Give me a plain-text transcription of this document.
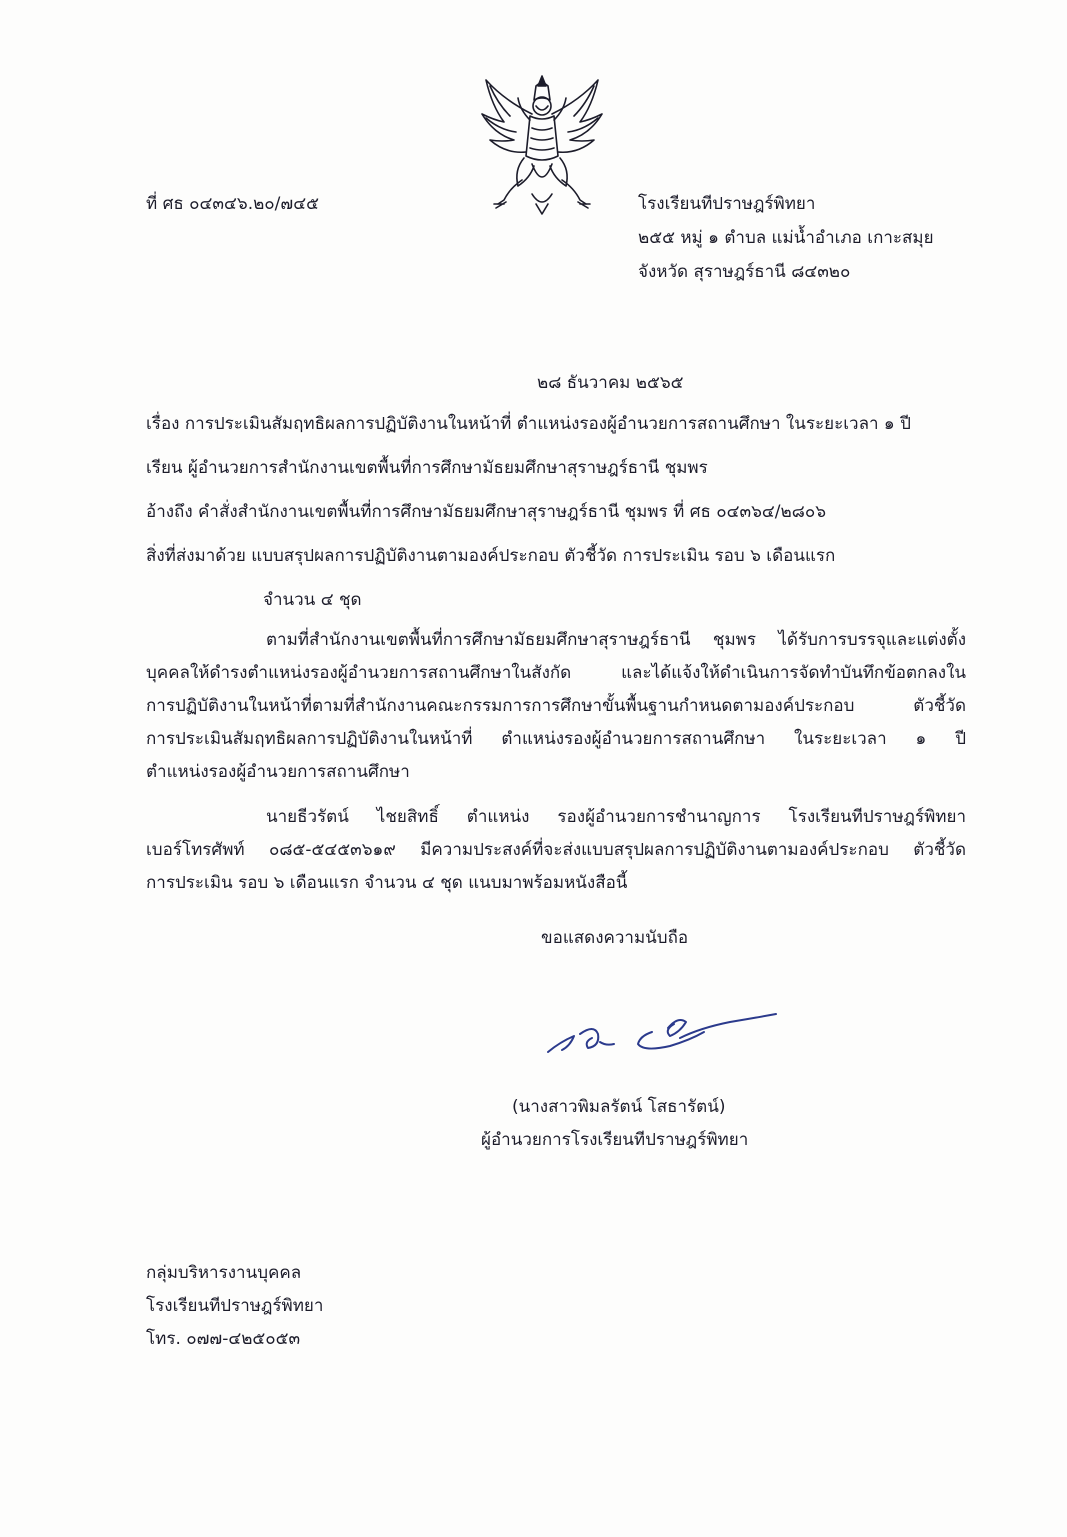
ที่ ศธ ๐๔๓๔๖.๒๐/๗๔๕	โรงเรียนทีปราษฎร์พิทยา
๒๕๕ หมู่ ๑ ตำบล แม่น้ำอำเภอ เกาะสมุย
จังหวัด สุราษฎร์ธานี ๘๔๓๒๐
๒๘ ธันวาคม ๒๕๖๕
เรื่อง การประเมินสัมฤทธิผลการปฏิบัติงานในหน้าที่ ตำแหน่งรองผู้อำนวยการสถานศึกษา ในระยะเวลา ๑ ปี
เรียน ผู้อำนวยการสำนักงานเขตพื้นที่การศึกษามัธยมศึกษาสุราษฎร์ธานี ชุมพร
อ้างถึง คำสั่งสำนักงานเขตพื้นที่การศึกษามัธยมศึกษาสุราษฎร์ธานี ชุมพร ที่ ศธ ๐๔๓๖๔/๒๘๐๖
สิ่งที่ส่งมาด้วย แบบสรุปผลการปฏิบัติงานตามองค์ประกอบ ตัวชี้วัด การประเมิน รอบ ๖ เดือนแรก
จำนวน ๔ ชุด
ตามที่สำนักงานเขตพื้นที่การศึกษามัธยมศึกษาสุราษฎร์ธานี ชุมพร ได้รับการบรรจุและแต่งตั้ง
บุคคลให้ดำรงตำแหน่งรองผู้อำนวยการสถานศึกษาในสังกัด และได้แจ้งให้ดำเนินการจัดทำบันทึกข้อตกลงใน
การปฏิบัติงานในหน้าที่ตามที่สำนักงานคณะกรรมการการศึกษาขั้นพื้นฐานกำหนดตามองค์ประกอบ ตัวชี้วัด
การประเมินสัมฤทธิผลการปฏิบัติงานในหน้าที่ ตำแหน่งรองผู้อำนวยการสถานศึกษา ในระยะเวลา ๑ ปี
ตำแหน่งรองผู้อำนวยการสถานศึกษา
นายธีวรัตน์ ไชยสิทธิ์ ตำแหน่ง รองผู้อำนวยการชำนาญการ โรงเรียนทีปราษฎร์พิทยา
เบอร์โทรศัพท์ ๐๘๕-๕๔๕๓๖๑๙ มีความประสงค์ที่จะส่งแบบสรุปผลการปฏิบัติงานตามองค์ประกอบ ตัวชี้วัด
การประเมิน รอบ ๖ เดือนแรก จำนวน ๔ ชุด แนบมาพร้อมหนังสือนี้
ขอแสดงความนับถือ
(นางสาวพิมลรัตน์ โสธารัตน์)
ผู้อำนวยการโรงเรียนทีปราษฎร์พิทยา
กลุ่มบริหารงานบุคคล
โรงเรียนทีปราษฎร์พิทยา
โทร. ๐๗๗-๔๒๕๐๕๓
